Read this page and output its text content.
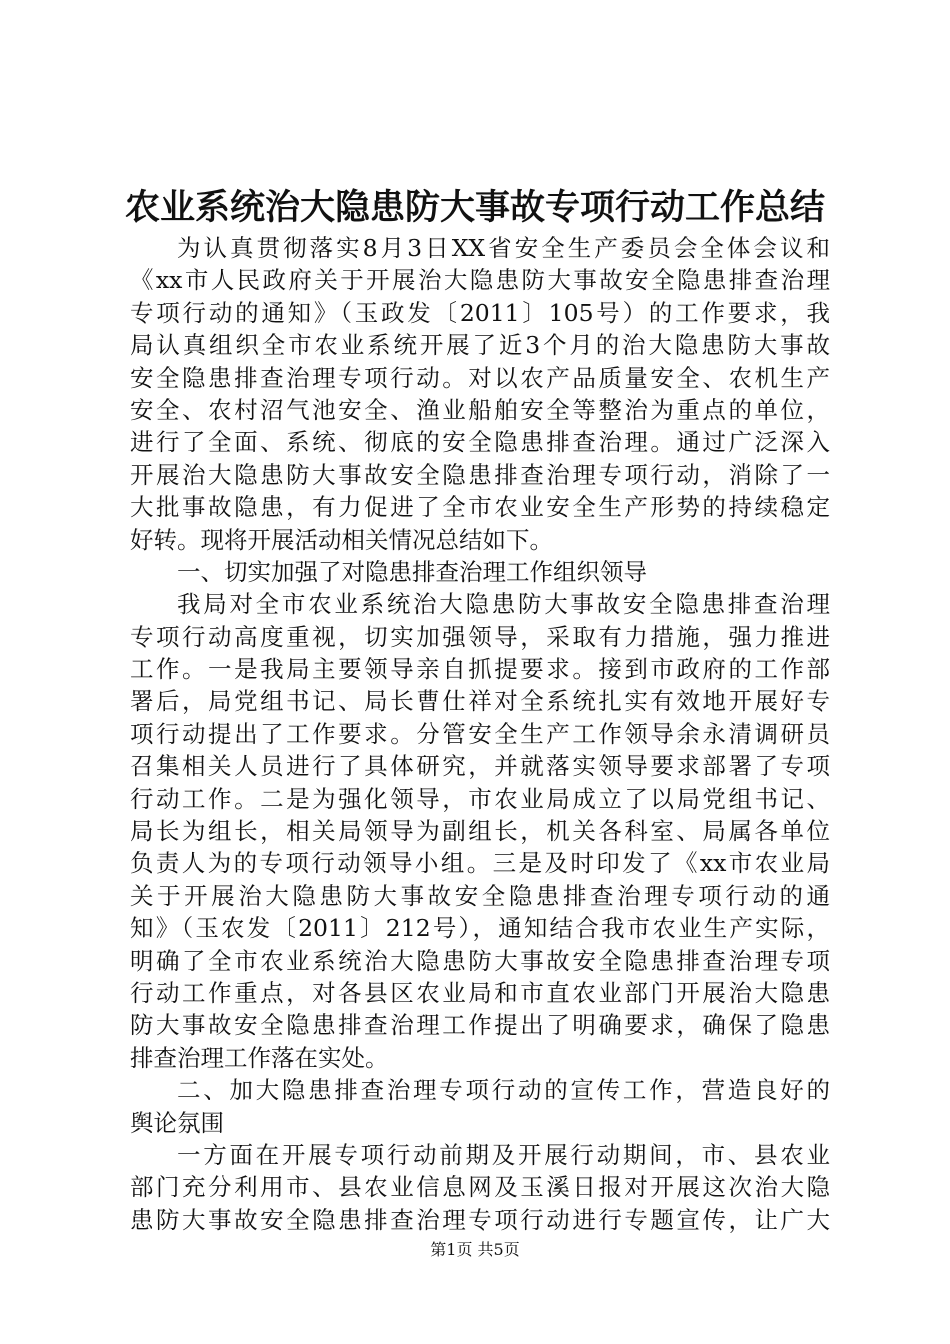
农业系统治大隐患防大事故专项行动工作总结
为认真贯彻落实8月3日XX省安全生产委员会全体会议和
《xx市人民政府关于开展治大隐患防大事故安全隐患排查治理
专项行动的通知》（玉政发〔2011〕105号）的工作要求，我
局认真组织全市农业系统开展了近3个月的治大隐患防大事故
安全隐患排查治理专项行动。对以农产品质量安全、农机生产
安全、农村沼气池安全、渔业船舶安全等整治为重点的单位，
进行了全面、系统、彻底的安全隐患排查治理。通过广泛深入
开展治大隐患防大事故安全隐患排查治理专项行动，消除了一
大批事故隐患，有力促进了全市农业安全生产形势的持续稳定
好转。现将开展活动相关情况总结如下。
一、切实加强了对隐患排查治理工作组织领导
我局对全市农业系统治大隐患防大事故安全隐患排查治理
专项行动高度重视，切实加强领导，采取有力措施，强力推进
工作。一是我局主要领导亲自抓提要求。接到市政府的工作部
署后，局党组书记、局长曹仕祥对全系统扎实有效地开展好专
项行动提出了工作要求。分管安全生产工作领导余永清调研员
召集相关人员进行了具体研究，并就落实领导要求部署了专项
行动工作。二是为强化领导，市农业局成立了以局党组书记、
局长为组长，相关局领导为副组长，机关各科室、局属各单位
负责人为的专项行动领导小组。三是及时印发了《xx市农业局
关于开展治大隐患防大事故安全隐患排查治理专项行动的通
知》（玉农发〔2011〕212号），通知结合我市农业生产实际，
明确了全市农业系统治大隐患防大事故安全隐患排查治理专项
行动工作重点，对各县区农业局和市直农业部门开展治大隐患
防大事故安全隐患排查治理工作提出了明确要求，确保了隐患
排查治理工作落在实处。
二、加大隐患排查治理专项行动的宣传工作，营造良好的
舆论氛围
一方面在开展专项行动前期及开展行动期间，市、县农业
部门充分利用市、县农业信息网及玉溪日报对开展这次治大隐
患防大事故安全隐患排查治理专项行动进行专题宣传，让广大
第1页 共5页
